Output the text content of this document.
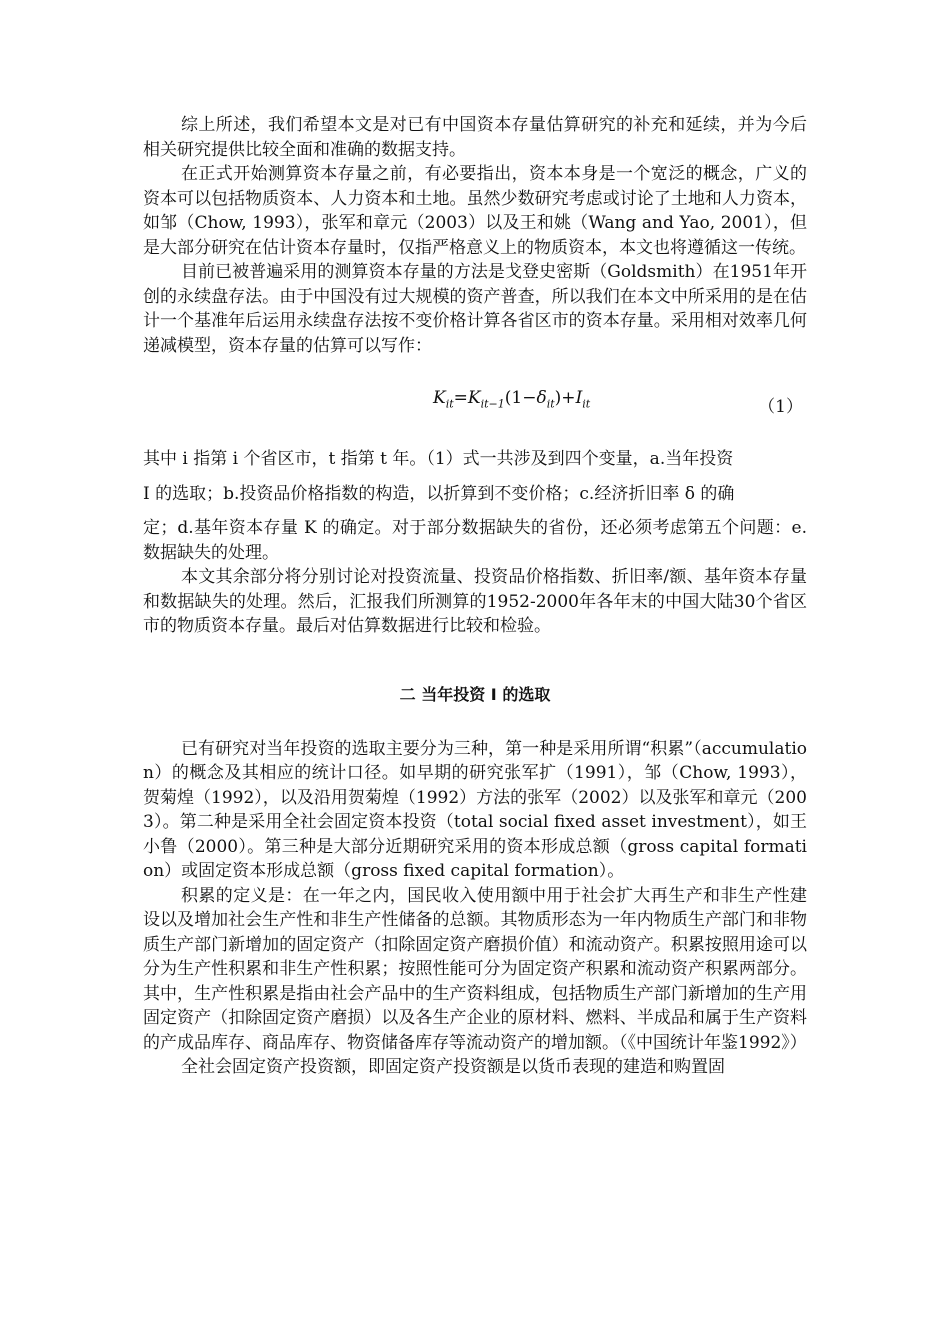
综上所述，我们希望本文是对已有中国资本存量估算研究的补充和延续，并为今后相关研究提供比较全面和准确的数据支持。

在正式开始测算资本存量之前，有必要指出，资本本身是一个宽泛的概念，广义的资本可以包括物质资本、人力资本和土地。虽然少数研究考虑或讨论了土地和人力资本，如邹（Chow, 1993），张军和章元（2003）以及王和姚（Wang and Yao, 2001），但是大部分研究在估计资本存量时，仅指严格意义上的物质资本，本文也将遵循这一传统。

目前已被普遍采用的测算资本存量的方法是戈登史密斯（Goldsmith）在1951年开创的永续盘存法。由于中国没有过大规模的资产普查，所以我们在本文中所采用的是在估计一个基准年后运用永续盘存法按不变价格计算各省区市的资本存量。采用相对效率几何递减模型，资本存量的估算可以写作：

$K_{it}=K_{it-1}(1-\delta_{it})+I_{it}$	（1）

其中 i 指第 i 个省区市，t 指第 t 年。（1）式一共涉及到四个变量，a.当年投资

I 的选取；b.投资品价格指数的构造，以折算到不变价格；c.经济折旧率 δ 的确

定；d.基年资本存量 K 的确定。对于部分数据缺失的省份，还必须考虑第五个问题：e. 数据缺失的处理。

本文其余部分将分别讨论对投资流量、投资品价格指数、折旧率/额、基年资本存量和数据缺失的处理。然后，汇报我们所测算的1952-2000年各年末的中国大陆30个省区市的物质资本存量。最后对估算数据进行比较和检验。

二 当年投资 I 的选取

已有研究对当年投资的选取主要分为三种，第一种是采用所谓“积累”（accumulation）的概念及其相应的统计口径。如早期的研究张军扩（1991），邹（Chow, 1993），贺菊煌（1992），以及沿用贺菊煌（1992）方法的张军（2002）以及张军和章元（2003）。第二种是采用全社会固定资本投资（total social fixed asset investment），如王小鲁（2000）。第三种是大部分近期研究采用的资本形成总额（gross capital formation）或固定资本形成总额（gross fixed capital formation）。

积累的定义是：在一年之内，国民收入使用额中用于社会扩大再生产和非生产性建设以及增加社会生产性和非生产性储备的总额。其物质形态为一年内物质生产部门和非物质生产部门新增加的固定资产（扣除固定资产磨损价值）和流动资产。积累按照用途可以分为生产性积累和非生产性积累；按照性能可分为固定资产积累和流动资产积累两部分。其中，生产性积累是指由社会产品中的生产资料组成，包括物质生产部门新增加的生产用固定资产（扣除固定资产磨损）以及各生产企业的原材料、燃料、半成品和属于生产资料的产成品库存、商品库存、物资储备库存等流动资产的增加额。（《中国统计年鉴1992》）

全社会固定资产投资额，即固定资产投资额是以货币表现的建造和购置固
